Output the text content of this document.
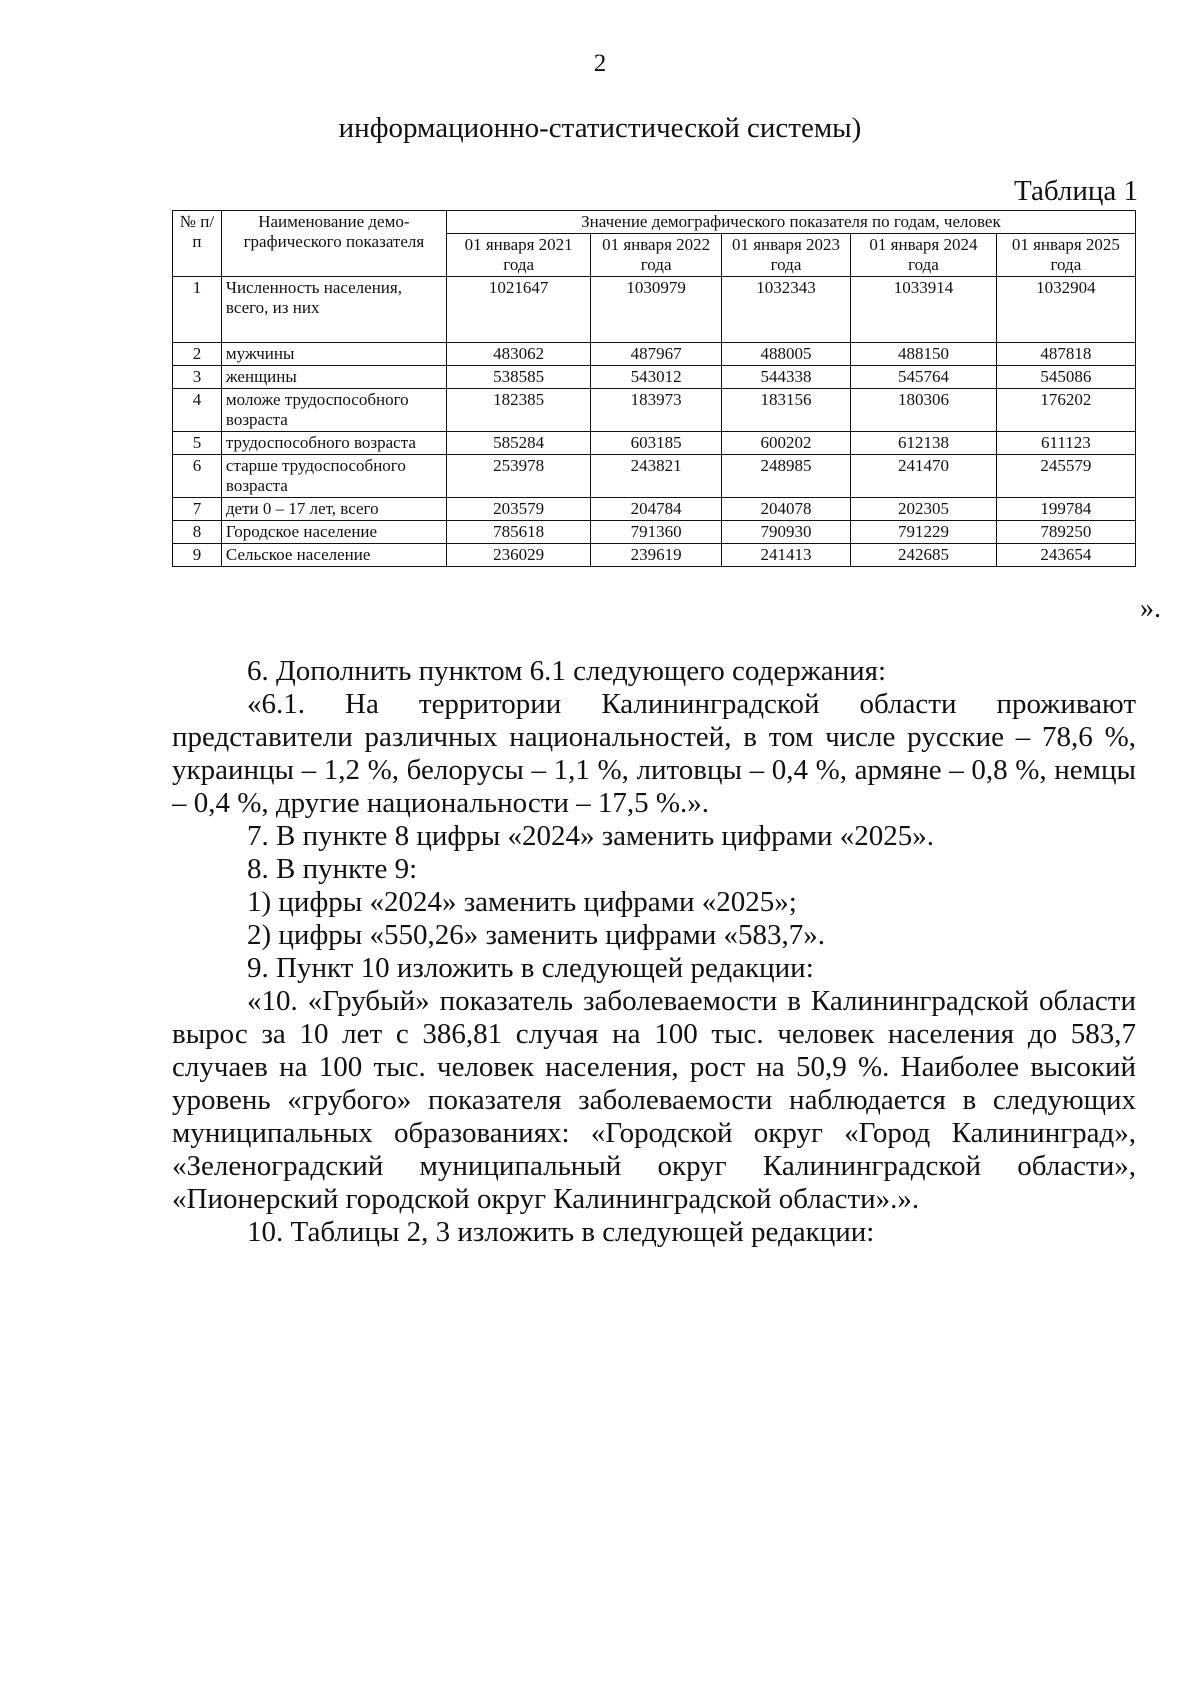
2
информационно-статистической системы)
Таблица 1
№ п/п	Наименование демографического показателя	Значение демографического показателя по годам, человек				
		01 января 2021 года	01 января 2022 года	01 января 2023 года	01 января 2024 года	01 января 2025 года
1	Численность населения, всего, из них	1021647	1030979	1032343	1033914	1032904
2	мужчины	483062	487967	488005	488150	487818
3	женщины	538585	543012	544338	545764	545086
4	моложе трудоспособного возраста	182385	183973	183156	180306	176202
5	трудоспособного возраста	585284	603185	600202	612138	611123
6	старше трудоспособного возраста	253978	243821	248985	241470	245579
7	дети 0 – 17 лет, всего	203579	204784	204078	202305	199784
8	Городское население	785618	791360	790930	791229	789250
9	Сельское население	236029	239619	241413	242685	243654
».

6. Дополнить пунктом 6.1 следующего содержания:

«6.1. На территории Калининградской области проживают представители различных национальностей, в том числе русские – 78,6 %, украинцы – 1,2 %, белорусы – 1,1 %, литовцы – 0,4 %, армяне – 0,8 %, немцы – 0,4 %, другие национальности – 17,5 %.».

7. В пункте 8 цифры «2024» заменить цифрами «2025».

8. В пункте 9:

1) цифры «2024» заменить цифрами «2025»;

2) цифры «550,26» заменить цифрами «583,7».

9. Пункт 10 изложить в следующей редакции:

«10. «Грубый» показатель заболеваемости в Калининградской области вырос за 10 лет с 386,81 случая на 100 тыс. человек населения до 583,7 случаев на 100 тыс. человек населения, рост на 50,9 %. Наиболее высокий уровень «грубого» показателя заболеваемости наблюдается в следующих муниципальных образованиях: «Городской округ «Город Калининград», «Зеленоградский муниципальный округ Калининградской области», «Пионерский городской округ Калининградской области».».

10. Таблицы 2, 3 изложить в следующей редакции:
